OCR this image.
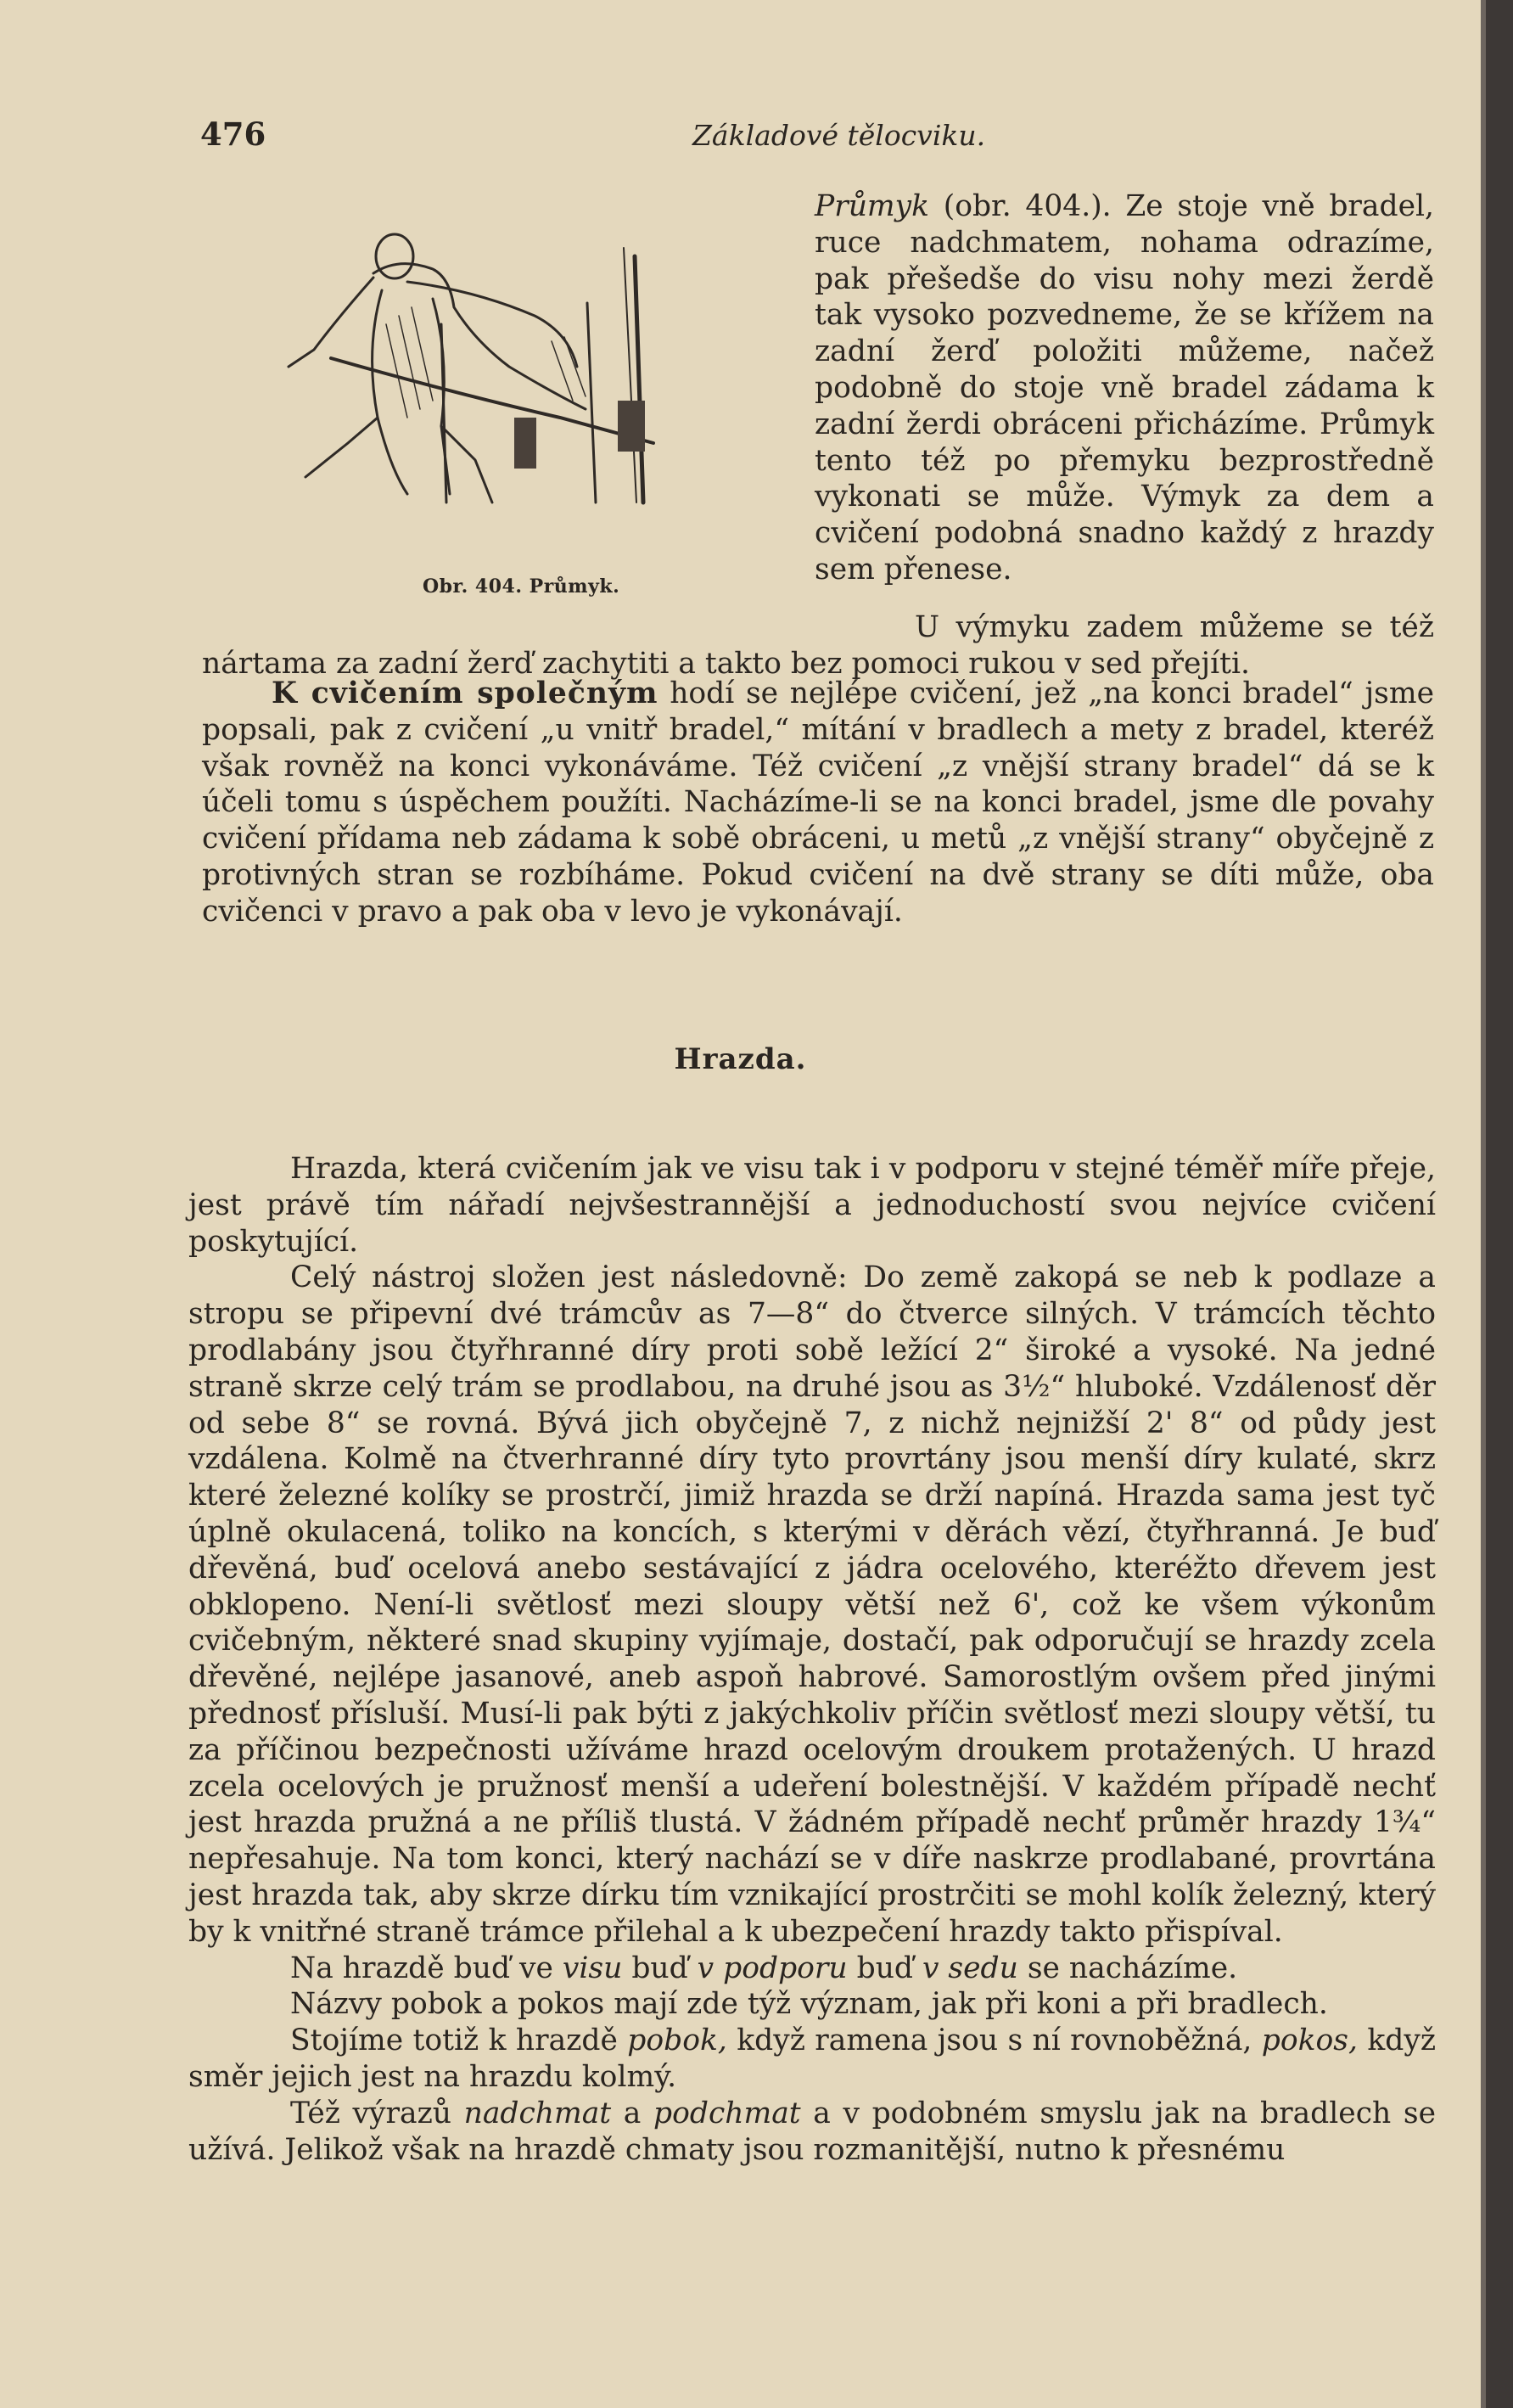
476	Základové tělocviku.
Obr. 404. Průmyk.

Průmyk (obr. 404.). Ze stoje vně bradel, ruce nadchmatem, nohama odrazíme, pak přešedše do visu nohy mezi žerdě tak vysoko pozvedneme, že se křížem na zadní žerď položiti můžeme, načež podobně do stoje vně bradel zádama k zadní žerdi obráceni přicházíme. Průmyk tento též po přemyku bezprostředně vykonati se může. Výmyk za dem a cvičení podobná snadno každý z hrazdy sem přenese.

U výmyku zadem můžeme se též nártama za zadní žerď zachytiti a takto bez pomoci rukou v sed přejíti.

K cvičením společným hodí se nejlépe cvičení, jež „na konci bradel“ jsme popsali, pak z cvičení „u vnitř bradel,“ mítání v bradlech a mety z bradel, kteréž však rovněž na konci vykonáváme. Též cvičení „z vnější strany bradel“ dá se k účeli tomu s úspěchem použíti. Nacházíme-li se na konci bradel, jsme dle povahy cvičení přídama neb zádama k sobě obráceni, u metů „z vnější strany“ obyčejně z protivných stran se rozbíháme. Pokud cvičení na dvě strany se díti může, oba cvičenci v pravo a pak oba v levo je vykonávají.

Hrazda.

Hrazda, která cvičením jak ve visu tak i v podporu v stejné téměř míře přeje, jest právě tím nářadí nejvšestrannější a jednoduchostí svou nejvíce cvičení poskytující.

Celý nástroj složen jest následovně: Do země zakopá se neb k podlaze a stropu se připevní dvé trámcův as 7—8“ do čtverce silných. V trámcích těchto prodlabány jsou čtyřhranné díry proti sobě ležící 2“ široké a vysoké. Na jedné straně skrze celý trám se prodlabou, na druhé jsou as 3½“ hluboké. Vzdálenosť děr od sebe 8“ se rovná. Bývá jich obyčejně 7, z nichž nejnižší 2' 8“ od půdy jest vzdálena. Kolmě na čtverhranné díry tyto provrtány jsou menší díry kulaté, skrz které železné kolíky se prostrčí, jimiž hrazda se drží napíná. Hrazda sama jest tyč úplně okulacená, toliko na koncích, s kterými v děrách vězí, čtyřhranná. Je buď dřevěná, buď ocelová anebo sestávající z jádra ocelového, kteréžto dřevem jest obklopeno. Není-li světlosť mezi sloupy větší než 6', což ke všem výkonům cvičebným, některé snad skupiny vyjímaje, dostačí, pak odporučují se hrazdy zcela dřevěné, nejlépe jasanové, aneb aspoň habrové. Samorostlým ovšem před jinými přednosť přísluší. Musí-li pak býti z jakýchkoliv příčin světlosť mezi sloupy větší, tu za příčinou bezpečnosti užíváme hrazd ocelovým droukem protažených. U hrazd zcela ocelových je pružnosť menší a udeření bolestnější. V každém případě nechť jest hrazda pružná a ne příliš tlustá. V žádném případě nechť průměr hrazdy 1¾“ nepřesahuje. Na tom konci, který nachází se v díře naskrze prodlabané, provrtána jest hrazda tak, aby skrze dírku tím vznikající prostrčiti se mohl kolík železný, který by k vnitřné straně trámce přilehal a k ubezpečení hrazdy takto přispíval.

Na hrazdě buď ve visu buď v podporu buď v sedu se nacházíme.

Názvy pobok a pokos mají zde týž význam, jak při koni a při bradlech.

Stojíme totiž k hrazdě pobok, když ramena jsou s ní rovnoběžná, pokos, když směr jejich jest na hrazdu kolmý.

Též výrazů nadchmat a podchmat a v podobném smyslu jak na bradlech se užívá. Jelikož však na hrazdě chmaty jsou rozmanitější, nutno k přesnému
